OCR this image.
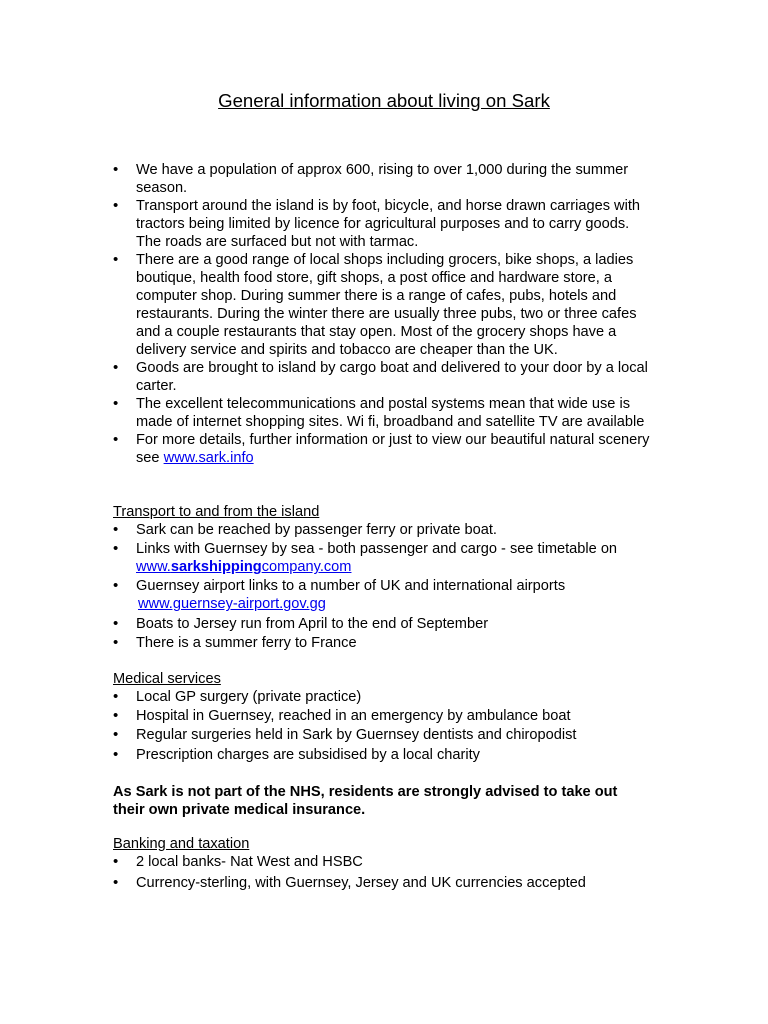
General information about living on Sark
• We have a population of approx 600, rising to over 1,000 during the summer season.
• Transport around the island is by foot, bicycle, and horse drawn carriages with tractors being limited by licence for agricultural purposes and to carry goods. The roads are surfaced but not with tarmac.
• There are a good range of local shops including grocers, bike shops, a ladies boutique, health food store, gift shops, a post office and hardware store, a computer shop. During summer there is a range of cafes, pubs, hotels and restaurants. During the winter there are usually three pubs, two or three cafes and a couple restaurants that stay open. Most of the grocery shops have a delivery service and spirits and tobacco are cheaper than the UK.
• Goods are brought to island by cargo boat and delivered to your door by a local carter.
• The excellent telecommunications and postal systems mean that wide use is made of internet shopping sites. Wi fi, broadband and satellite TV are available
• For more details, further information or just to view our beautiful natural scenery see www.sark.info
Transport to and from the island
• Sark can be reached by passenger ferry or private boat.
• Links with Guernsey by sea - both passenger and cargo - see timetable on
www.sarkshippingcompany.com
• Guernsey airport links to a number of UK and international airports
www.guernsey-airport.gov.gg
• Boats to Jersey run from April to the end of September
• There is a summer ferry to France
Medical services
• Local GP surgery (private practice)
• Hospital in Guernsey, reached in an emergency by ambulance boat
• Regular surgeries held in Sark by Guernsey dentists and chiropodist
• Prescription charges are subsidised by a local charity
As Sark is not part of the NHS, residents are strongly advised to take out their own private medical insurance.
Banking and taxation
• 2 local banks- Nat West and HSBC
• Currency-sterling, with Guernsey, Jersey and UK currencies accepted
